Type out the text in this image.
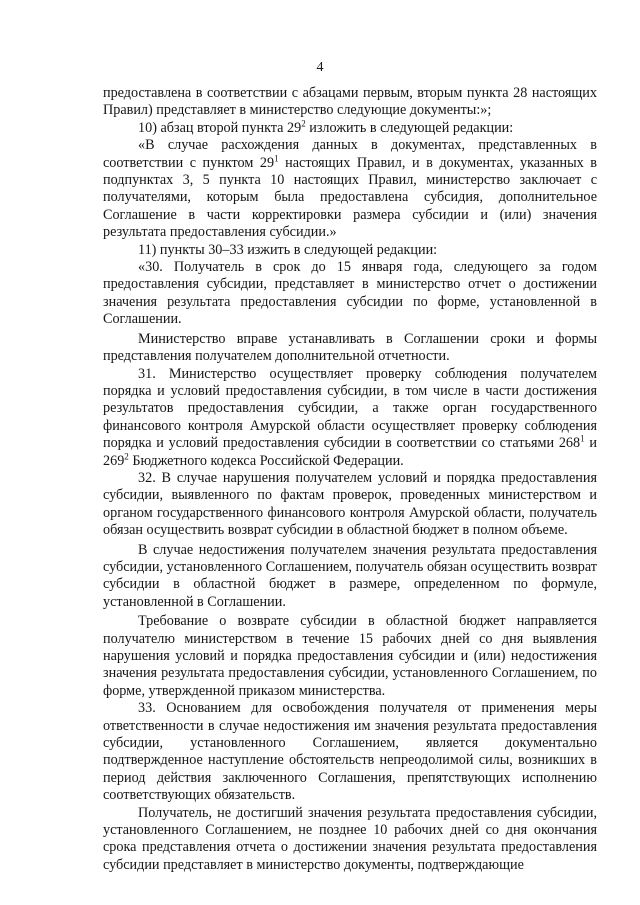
4

предоставлена в соответствии с абзацами первым, вторым пункта 28 настоящих Правил) представляет в министерство следующие документы:»;

10) абзац второй пункта $29^2$ изложить в следующей редакции:

«В случае расхождения данных в документах, представленных в соответствии с пунктом $29^1$ настоящих Правил, и в документах, указанных в подпунктах 3, 5 пункта 10 настоящих Правил, министерство заключает с получателями, которым была предоставлена субсидия, дополнительное Соглашение в части корректировки размера субсидии и (или) значения результата предоставления субсидии.»

11) пункты 30–33 изжить в следующей редакции:

«30. Получатель в срок до 15 января года, следующего за годом предоставления субсидии, представляет в министерство отчет о достижении значения результата предоставления субсидии по форме, установленной в Соглашении.

Министерство вправе устанавливать в Соглашении сроки и формы представления получателем дополнительной отчетности.

31. Министерство осуществляет проверку соблюдения получателем порядка и условий предоставления субсидии, в том числе в части достижения результатов предоставления субсидии, а также орган государственного финансового контроля Амурской области осуществляет проверку соблюдения порядка и условий предоставления субсидии в соответствии со статьями $268^1$ и $269^2$ Бюджетного кодекса Российской Федерации.

32. В случае нарушения получателем условий и порядка предоставления субсидии, выявленного по фактам проверок, проведенных министерством и органом государственного финансового контроля Амурской области, получатель обязан осуществить возврат субсидии в областной бюджет в полном объеме.

В случае недостижения получателем значения результата предоставления субсидии, установленного Соглашением, получатель обязан осуществить возврат субсидии в областной бюджет в размере, определенном по формуле, установленной в Соглашении.

Требование о возврате субсидии в областной бюджет направляется получателю министерством в течение 15 рабочих дней со дня выявления нарушения условий и порядка предоставления субсидии и (или) недостижения значения результата предоставления субсидии, установленного Соглашением, по форме, утвержденной приказом министерства.

33. Основанием для освобождения получателя от применения меры ответственности в случае недостижения им значения результата предоставления субсидии, установленного Соглашением, является документально подтвержденное наступление обстоятельств непреодолимой силы, возникших в период действия заключенного Соглашения, препятствующих исполнению соответствующих обязательств.

Получатель, не достигший значения результата предоставления субсидии, установленного Соглашением, не позднее 10 рабочих дней со дня окончания срока представления отчета о достижении значения результата предоставления субсидии представляет в министерство документы, подтверждающие
